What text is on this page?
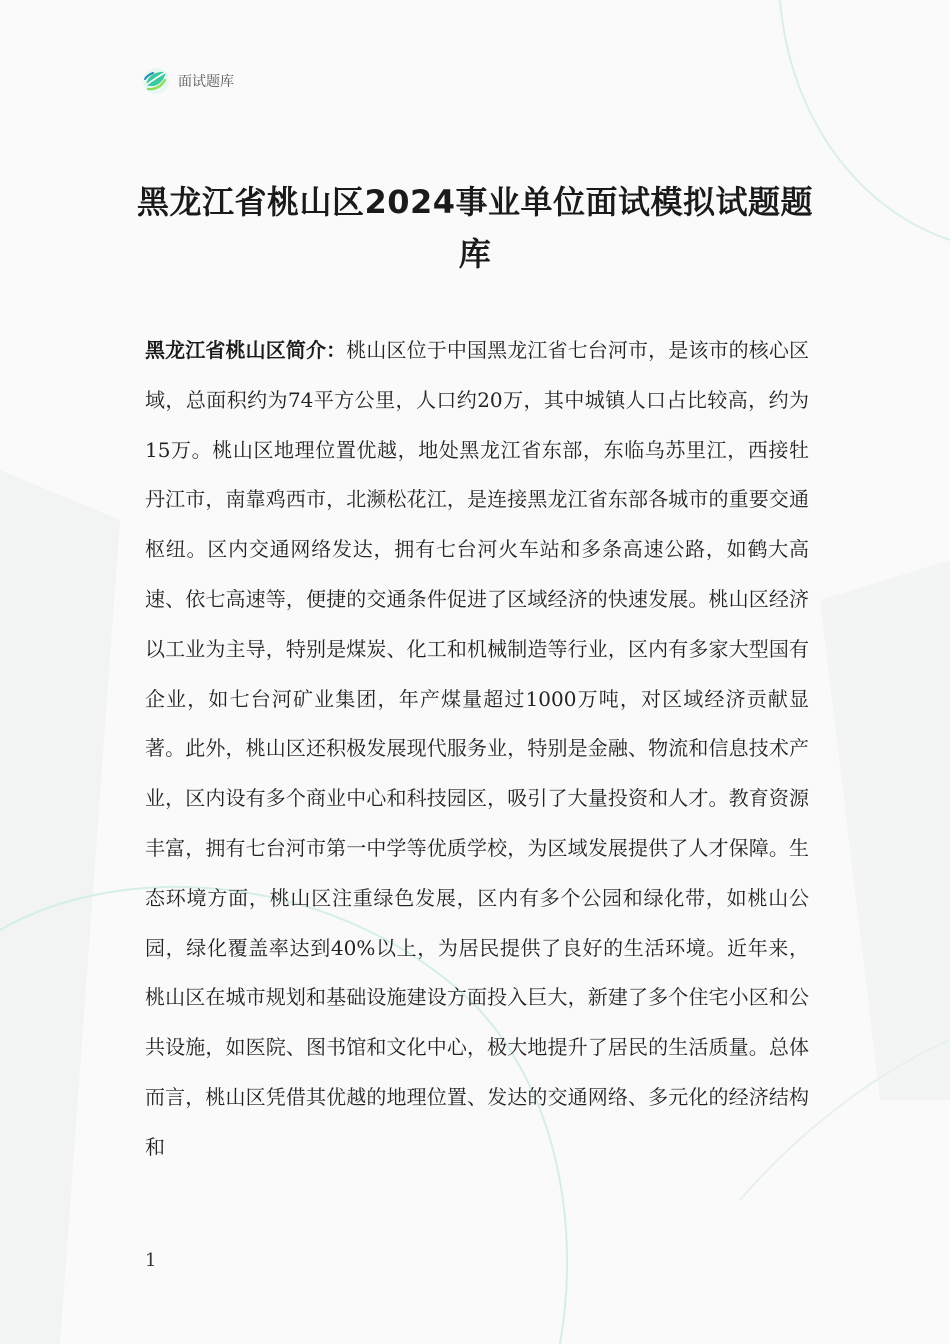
面试题库
黑龙江省桃山区2024事业单位面试模拟试题题库

黑龙江省桃山区简介：桃山区位于中国黑龙江省七台河市，是该市的核心区域，总面积约为74平方公里，人口约20万，其中城镇人口占比较高，约为15万。桃山区地理位置优越，地处黑龙江省东部，东临乌苏里江，西接牡丹江市，南靠鸡西市，北濒松花江，是连接黑龙江省东部各城市的重要交通枢纽。区内交通网络发达，拥有七台河火车站和多条高速公路，如鹤大高速、依七高速等，便捷的交通条件促进了区域经济的快速发展。桃山区经济以工业为主导，特别是煤炭、化工和机械制造等行业，区内有多家大型国有企业，如七台河矿业集团，年产煤量超过1000万吨，对区域经济贡献显著。此外，桃山区还积极发展现代服务业，特别是金融、物流和信息技术产业，区内设有多个商业中心和科技园区，吸引了大量投资和人才。教育资源丰富，拥有七台河市第一中学等优质学校，为区域发展提供了人才保障。生态环境方面，桃山区注重绿色发展，区内有多个公园和绿化带，如桃山公园，绿化覆盖率达到40%以上，为居民提供了良好的生活环境。近年来，桃山区在城市规划和基础设施建设方面投入巨大，新建了多个住宅小区和公共设施，如医院、图书馆和文化中心，极大地提升了居民的生活质量。总体而言，桃山区凭借其优越的地理位置、发达的交通网络、多元化的经济结构和

1
